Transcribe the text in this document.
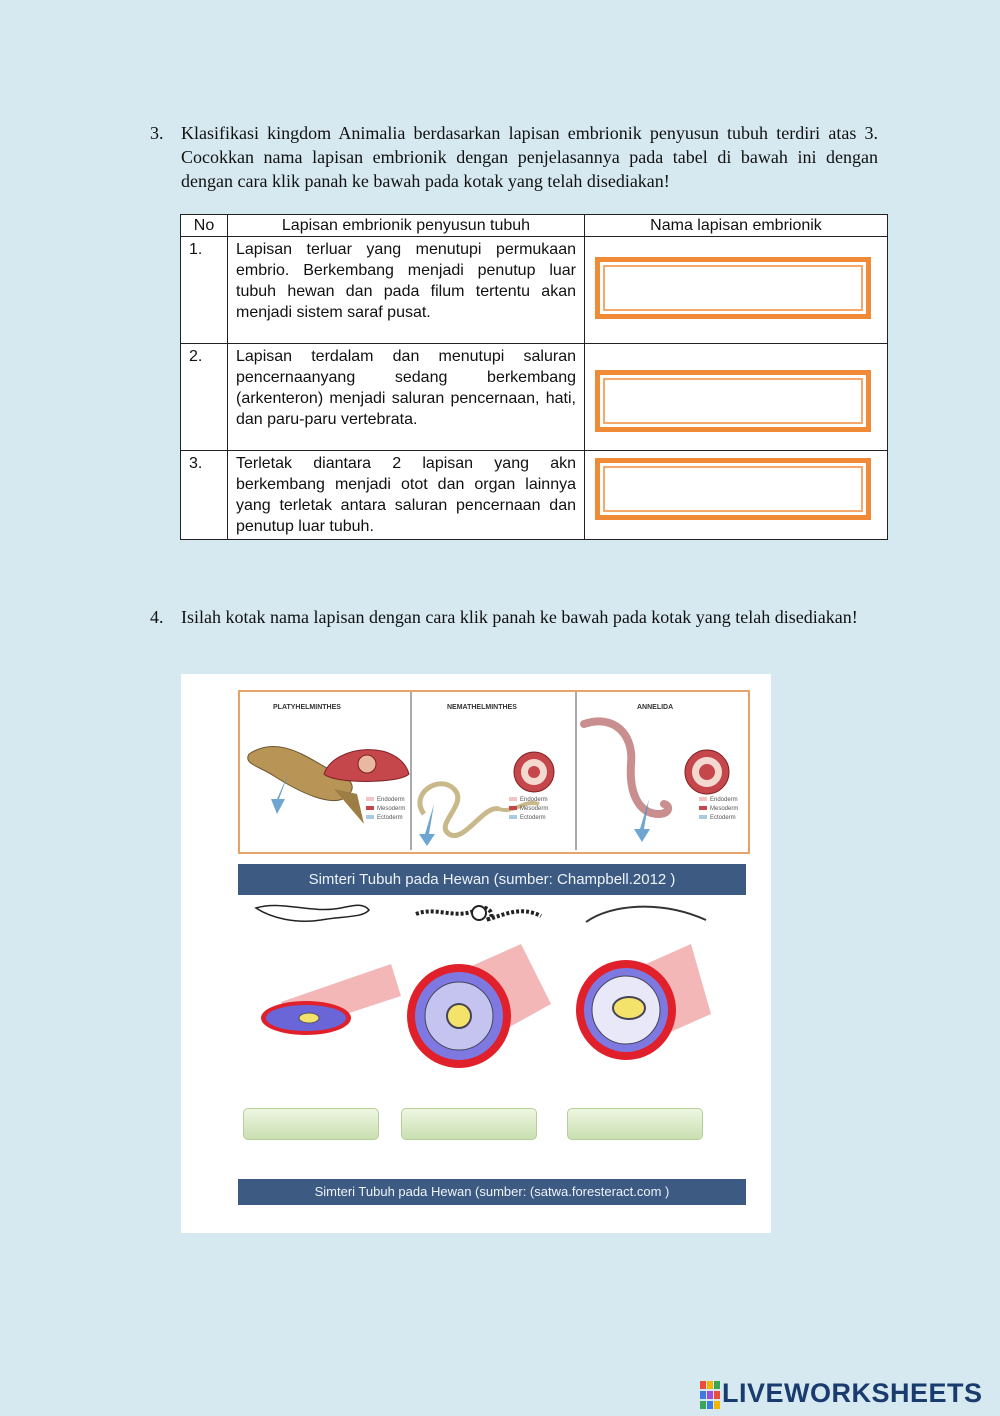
3. Klasifikasi kingdom Animalia berdasarkan lapisan embrionik penyusun tubuh terdiri atas 3. Cocokkan nama lapisan embrionik dengan penjelasannya pada tabel di bawah ini dengan dengan cara klik panah ke bawah pada kotak yang telah disediakan!
No	Lapisan embrionik penyusun tubuh	Nama lapisan embrionik
1.	Lapisan terluar yang menutupi permukaan embrio. Berkembang menjadi penutup luar tubuh hewan dan pada filum tertentu akan menjadi sistem saraf pusat.	

2.	Lapisan terdalam dan menutupi saluran pencernaanyang sedang berkembang (arkenteron) menjadi saluran pencernaan, hati, dan paru-paru vertebrata.	

3.	Terletak diantara 2 lapisan yang akn berkembang menjadi otot dan organ lainnya yang terletak antara saluran pencernaan dan penutup luar tubuh.	
4. Isilah kotak nama lapisan dengan cara klik panah ke bawah pada kotak yang telah disediakan!
PLATYHELMINTHES	NEMATHELMINTHES	ANNELIDA
Endoderm
Mesoderm
Ectoderm
Endoderm
Mesoderm
Ectoderm
Endoderm
Mesoderm
Ectoderm
Simteri Tubuh pada Hewan (sumber: Champbell.2012 )
Simteri Tubuh pada Hewan (sumber: (satwa.foresteract.com )
LIVEWORKSHEETS
